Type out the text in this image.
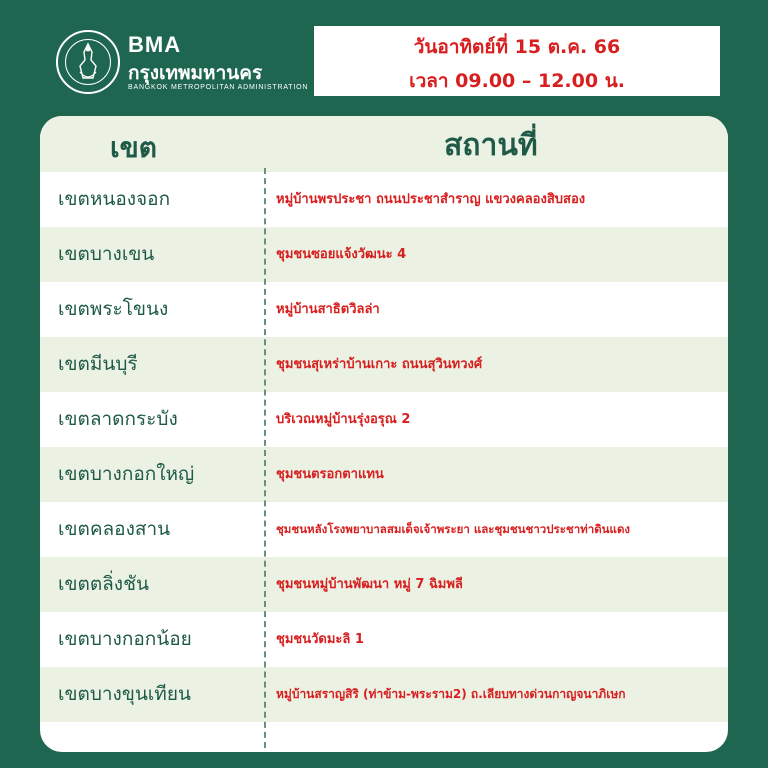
BMA
กรุงเทพมหานคร
BANGKOK METROPOLITAN ADMINISTRATION
วันอาทิตย์ที่ 15 ต.ค. 66
เวลา 09.00 – 12.00 น.
เขต	สถานที่
เขตหนองจอก	หมู่บ้านพรประชา ถนนประชาสำราญ แขวงคลองสิบสอง
เขตบางเขน	ชุมชนซอยแจ้งวัฒนะ 4
เขตพระโขนง	หมู่บ้านสาธิตวิลล่า
เขตมีนบุรี	ชุมชนสุเหร่าบ้านเกาะ ถนนสุวินทวงศ์
เขตลาดกระบัง	บริเวณหมู่บ้านรุ่งอรุณ 2
เขตบางกอกใหญ่	ชุมชนตรอกตาแทน
เขตคลองสาน	ชุมชนหลังโรงพยาบาลสมเด็จเจ้าพระยา และชุมชนชาวประชาท่าดินแดง
เขตตลิ่งชัน	ชุมชนหมู่บ้านพัฒนา หมู่ 7 ฉิมพลี
เขตบางกอกน้อย	ชุมชนวัดมะลิ 1
เขตบางขุนเทียน	หมู่บ้านสราญสิริ (ท่าข้าม-พระราม2) ถ.เลียบทางด่วนกาญจนาภิเษก
